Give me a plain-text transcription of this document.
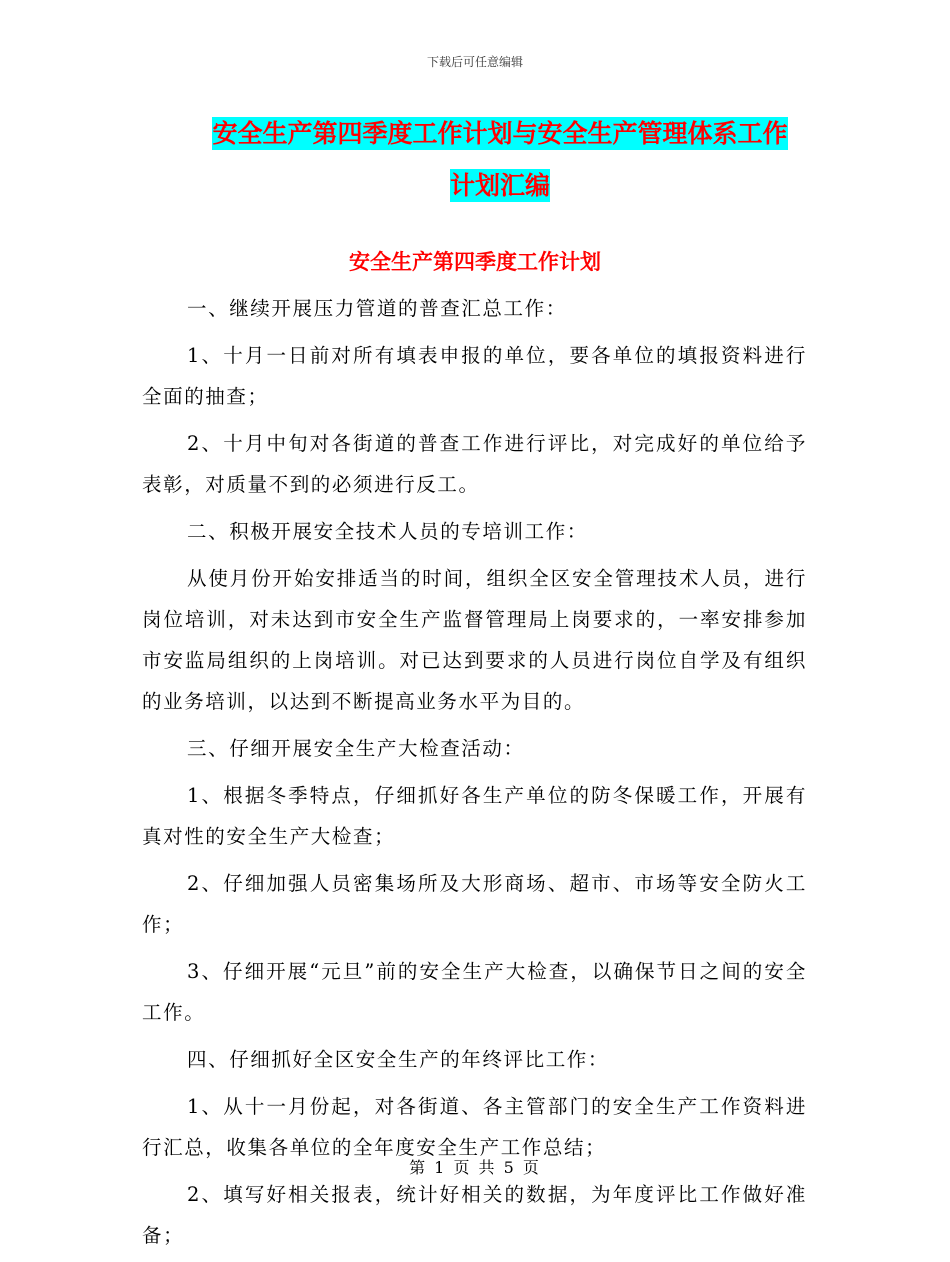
下载后可任意编辑
安全生产第四季度工作计划与安全生产管理体系工作
计划汇编
安全生产第四季度工作计划

一、继续开展压力管道的普查汇总工作：

1、十月一日前对所有填表申报的单位，要各单位的填报资料进行全面的抽查；

2、十月中旬对各街道的普查工作进行评比，对完成好的单位给予表彰，对质量不到的必须进行反工。

二、积极开展安全技术人员的专培训工作：

从使月份开始安排适当的时间，组织全区安全管理技术人员，进行岗位培训，对未达到市安全生产监督管理局上岗要求的，一率安排参加市安监局组织的上岗培训。对已达到要求的人员进行岗位自学及有组织的业务培训，以达到不断提高业务水平为目的。

三、仔细开展安全生产大检查活动：

1、根据冬季特点，仔细抓好各生产单位的防冬保暖工作，开展有真对性的安全生产大检查；

2、仔细加强人员密集场所及大形商场、超市、市场等安全防火工作；

3、仔细开展“元旦”前的安全生产大检查，以确保节日之间的安全工作。

四、仔细抓好全区安全生产的年终评比工作：

1、从十一月份起，对各街道、各主管部门的安全生产工作资料进行汇总，收集各单位的全年度安全生产工作总结；

2、填写好相关报表，统计好相关的数据，为年度评比工作做好准备；

第 1 页 共 5 页
